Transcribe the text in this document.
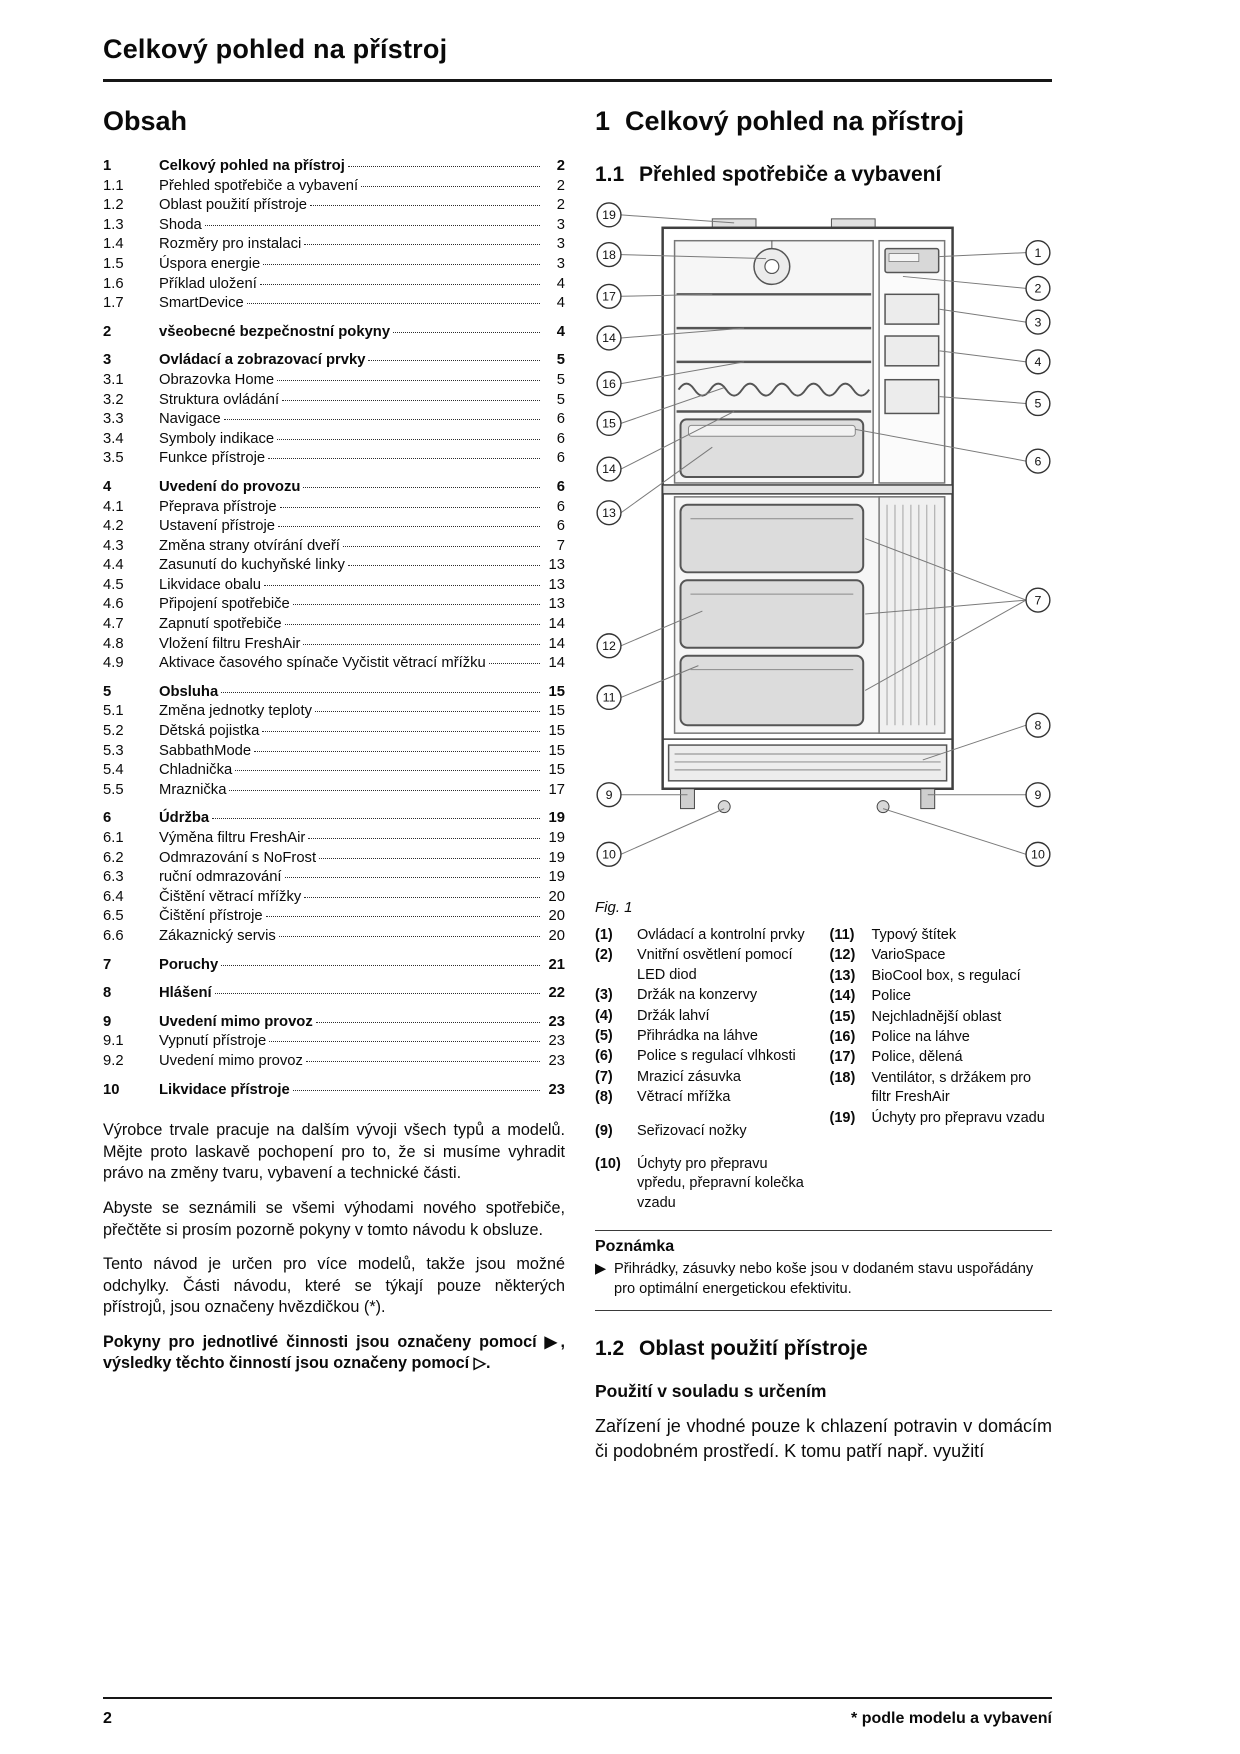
Celkový pohled na přístroj
Obsah
1	Celkový pohled na přístroj	2
1.1	Přehled spotřebiče a vybavení	2
1.2	Oblast použití přístroje	2
1.3	Shoda	3
1.4	Rozměry pro instalaci	3
1.5	Úspora energie	3
1.6	Příklad uložení	4
1.7	SmartDevice	4
2	všeobecné bezpečnostní pokyny	4
3	Ovládací a zobrazovací prvky	5
3.1	Obrazovka Home	5
3.2	Struktura ovládání	5
3.3	Navigace	6
3.4	Symboly indikace	6
3.5	Funkce přístroje	6
4	Uvedení do provozu	6
4.1	Přeprava přístroje	6
4.2	Ustavení přístroje	6
4.3	Změna strany otvírání dveří	7
4.4	Zasunutí do kuchyňské linky	13
4.5	Likvidace obalu	13
4.6	Připojení spotřebiče	13
4.7	Zapnutí spotřebiče	14
4.8	Vložení filtru FreshAir	14
4.9	Aktivace časového spínače Vyčistit větrací mřížku	14
5	Obsluha	15
5.1	Změna jednotky teploty	15
5.2	Dětská pojistka	15
5.3	SabbathMode	15
5.4	Chladnička	15
5.5	Mraznička	17
6	Údržba	19
6.1	Výměna filtru FreshAir	19
6.2	Odmrazování s NoFrost	19
6.3	ruční odmrazování	19
6.4	Čištění větrací mřížky	20
6.5	Čištění přístroje	20
6.6	Zákaznický servis	20
7	Poruchy	21
8	Hlášení	22
9	Uvedení mimo provoz	23
9.1	Vypnutí přístroje	23
9.2	Uvedení mimo provoz	23
10	Likvidace přístroje	23

Výrobce trvale pracuje na dalším vývoji všech typů a modelů. Mějte proto laskavě pochopení pro to, že si musíme vyhradit právo na změny tvaru, vybavení a technické části.

Abyste se seznámili se všemi výhodami nového spotřebiče, přečtěte si prosím pozorně pokyny v tomto návodu k obsluze.

Tento návod je určen pro více modelů, takže jsou možné odchylky. Části návodu, které se týkají pouze některých přístrojů, jsou označeny hvězdičkou (*).

Pokyny pro jednotlivé činnosti jsou označeny pomocí ▶, výsledky těchto činností jsou označeny pomocí ▷.

1 Celkový pohled na přístroj
1.1 Přehled spotřebiče a vybavení
19
18
17
14
16
15
14
13
12
11
9
10
1
2
3
4
5
6
7
8
9
10
Fig. 1
(1)	Ovládací a kontrolní prvky
(2)	Vnitřní osvětlení pomocí LED diod
(3)	Držák na konzervy
(4)	Držák lahví
(5)	Přihrádka na láhve
(6)	Police s regulací vlhkosti
(7)	Mrazicí zásuvka
(8)	Větrací mřížka
(9)	Seřizovací nožky
(10)	Úchyty pro přepravu vpředu, přepravní kolečka vzadu
(11)	Typový štítek
(12)	VarioSpace
(13)	BioCool box, s regulací
(14)	Police
(15)	Nejchladnější oblast
(16)	Police na láhve
(17)	Police, dělená
(18)	Ventilátor, s držákem pro filtr FreshAir
(19)	Úchyty pro přepravu vzadu
Poznámka
▶ Přihrádky, zásuvky nebo koše jsou v dodaném stavu uspořádány pro optimální energetickou efektivitu.
1.2 Oblast použití přístroje
Použití v souladu s určením
Zařízení je vhodné pouze k chlazení potravin v domácím či podobném prostředí. K tomu patří např. využití
2	* podle modelu a vybavení
